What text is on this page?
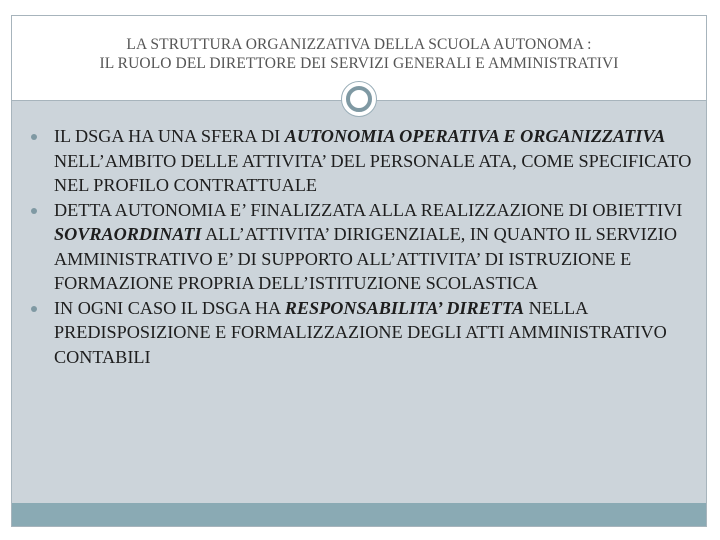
LA STRUTTURA ORGANIZZATIVA DELLA SCUOLA AUTONOMA :
IL RUOLO DEL DIRETTORE DEI SERVIZI GENERALI E AMMINISTRATIVI
IL DSGA HA UNA SFERA DI AUTONOMIA OPERATIVA E ORGANIZZATIVA NELL’AMBITO DELLE ATTIVITA’ DEL PERSONALE ATA, COME SPECIFICATO NEL PROFILO CONTRATTUALE
DETTA AUTONOMIA E’ FINALIZZATA ALLA REALIZZAZIONE DI OBIETTIVI SOVRAORDINATI ALL’ATTIVITA’ DIRIGENZIALE, IN QUANTO IL SERVIZIO AMMINISTRATIVO E’ DI SUPPORTO ALL’ATTIVITA’ DI ISTRUZIONE E FORMAZIONE PROPRIA DELL’ISTITUZIONE SCOLASTICA
IN OGNI CASO IL DSGA HA RESPONSABILITA’ DIRETTA NELLA PREDISPOSIZIONE E FORMALIZZAZIONE DEGLI ATTI AMMINISTRATIVO CONTABILI
